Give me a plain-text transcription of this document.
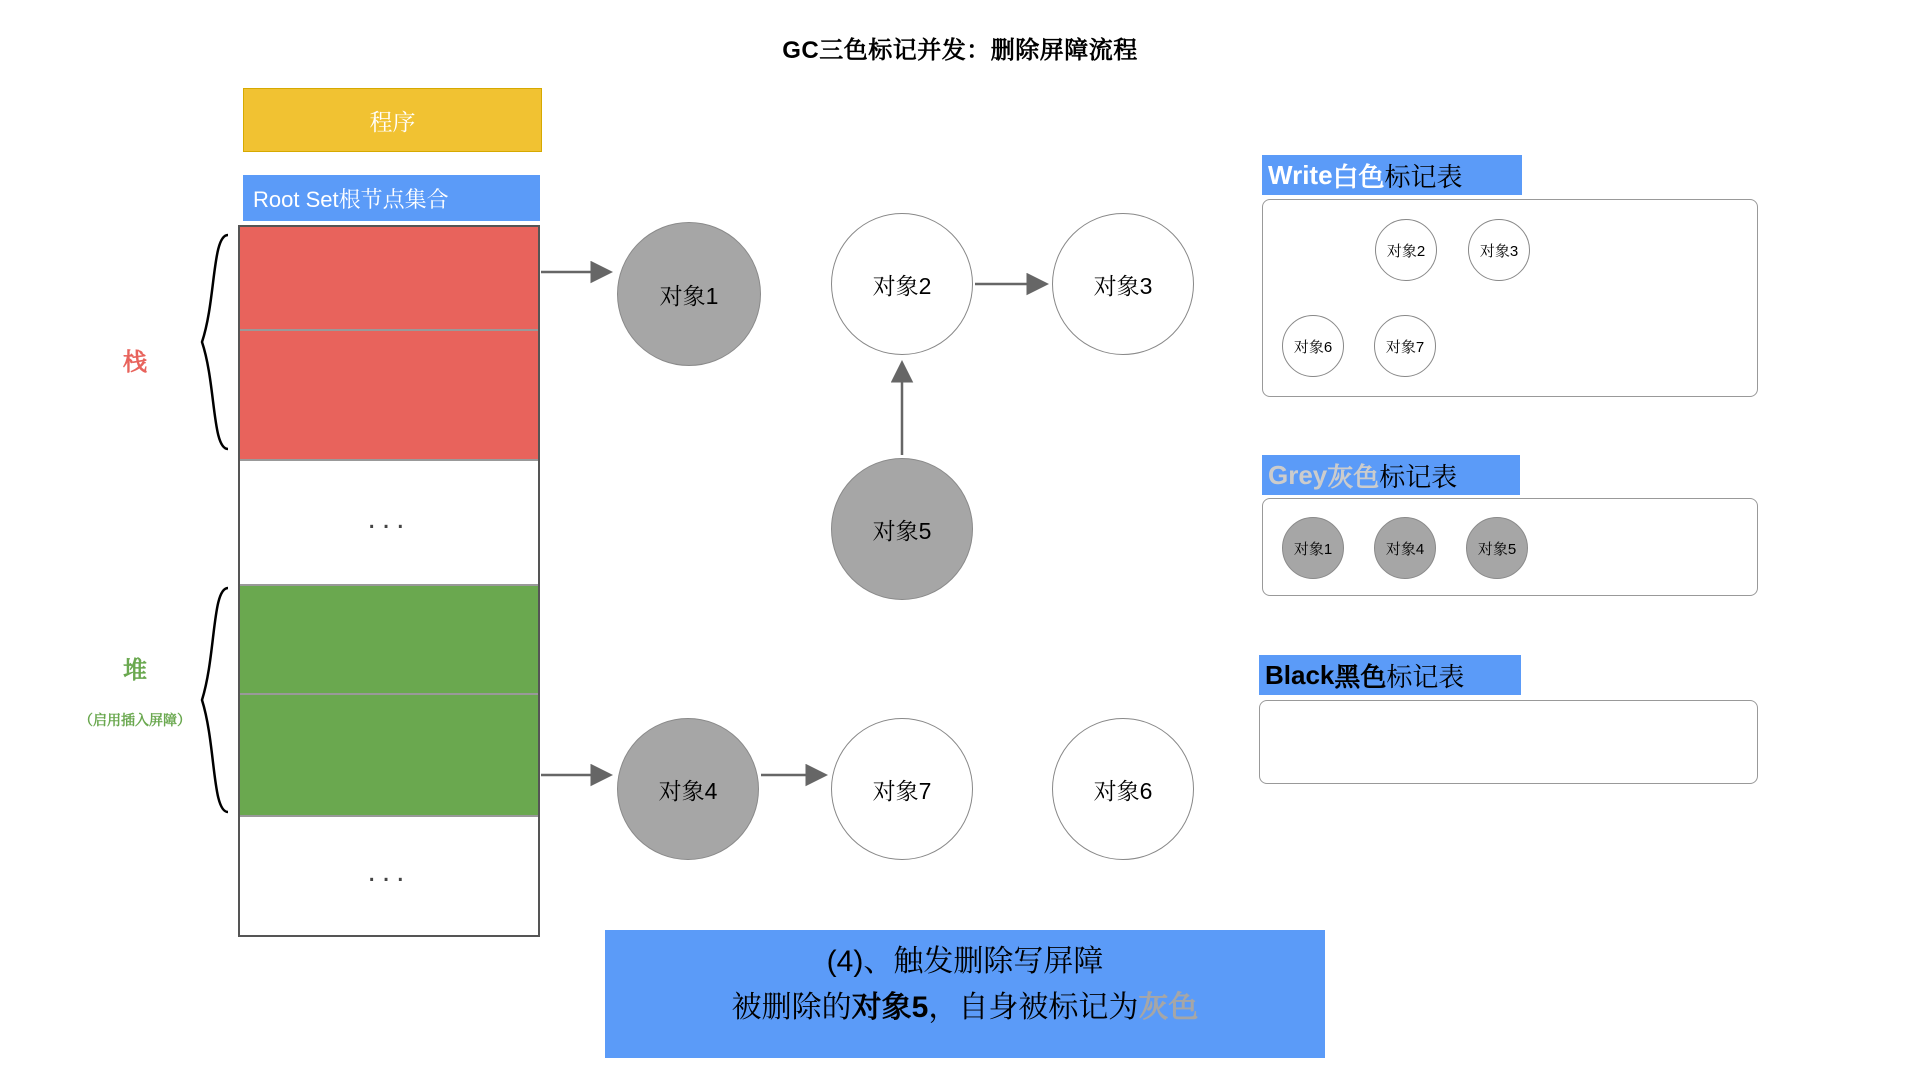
GC三色标记并发：删除屏障流程
程序
Root Set根节点集合
...
...
栈
堆
（启用插入屏障）
对象1	对象2	对象3
对象5
对象4	对象7	对象6
Write 白色 标记表
对象2	对象3
对象6	对象7
Grey 灰色 标记表
对象1	对象4	对象5
Black 黑色 标记表
(4)、触发删除写屏障
被删除的对象5，自身被标记为灰色
